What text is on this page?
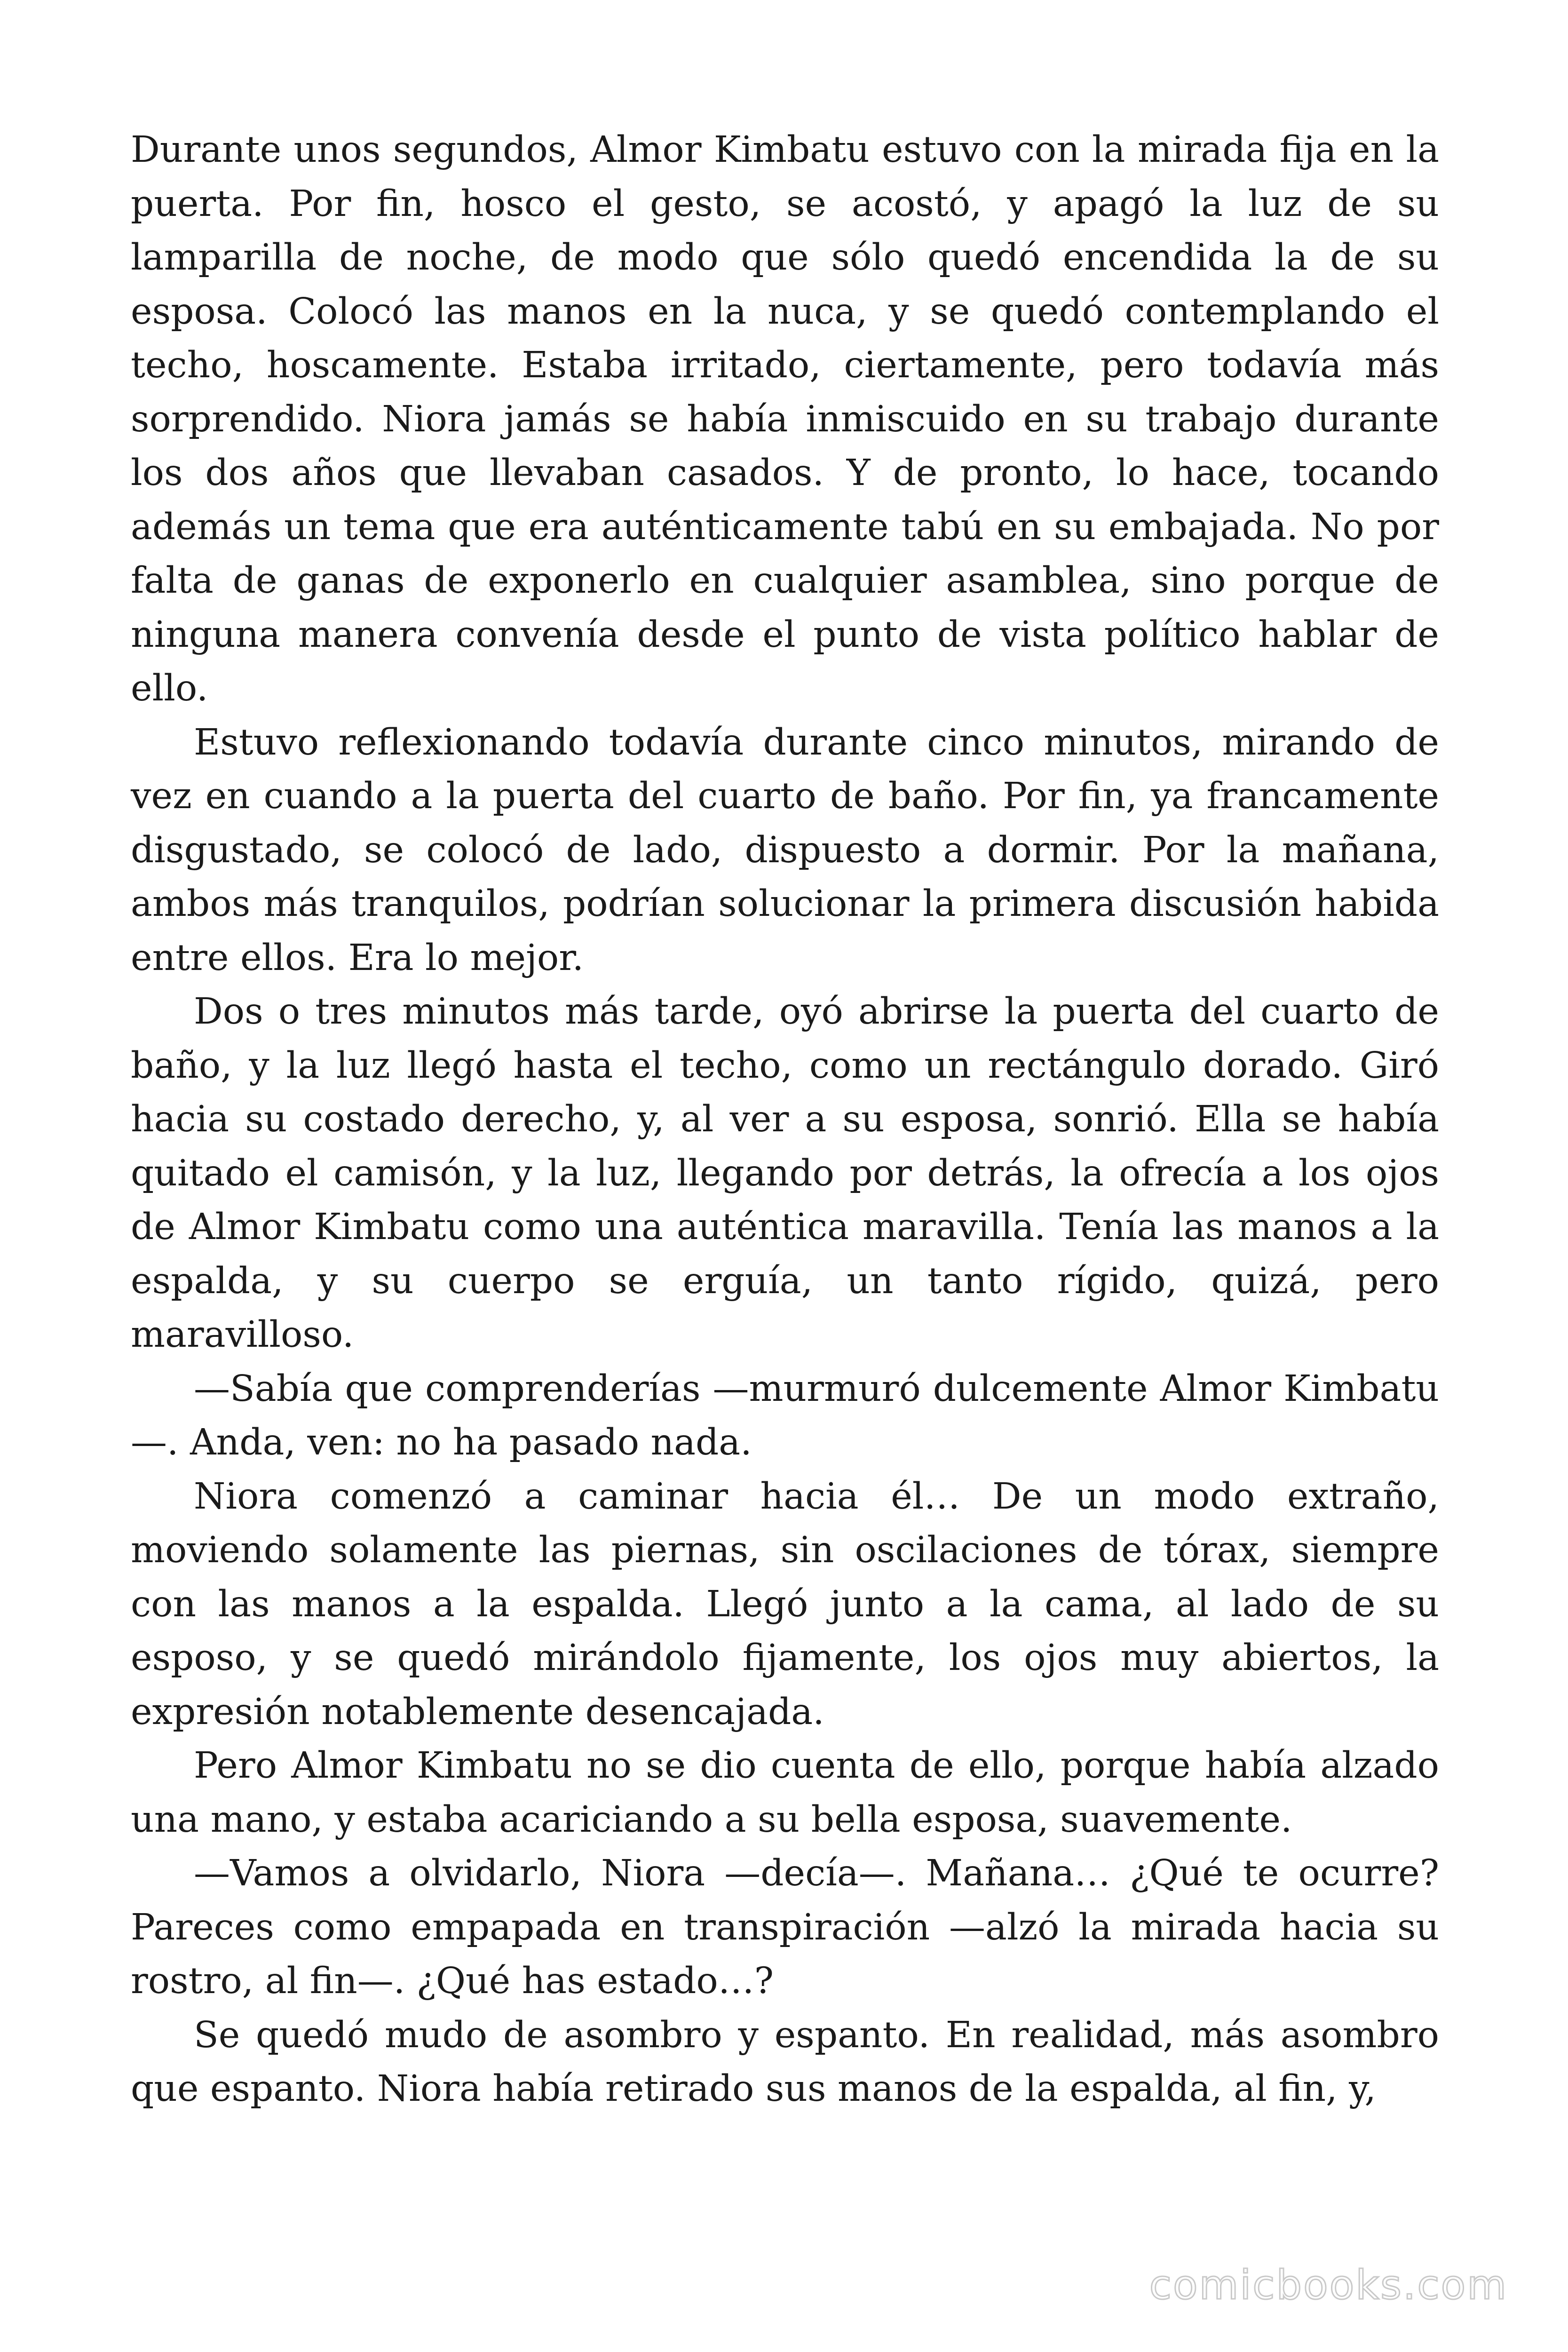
Durante unos segundos, Almor Kimbatu estuvo con la mirada fija en la puerta. Por fin, hosco el gesto, se acostó, y apagó la luz de su lamparilla de noche, de modo que sólo quedó encendida la de su esposa. Colocó las manos en la nuca, y se quedó contemplando el techo, hoscamente. Estaba irritado, ciertamente, pero todavía más sorprendido. Niora jamás se había inmiscuido en su trabajo durante los dos años que llevaban casados. Y de pronto, lo hace, tocando además un tema que era auténticamente tabú en su embajada. No por falta de ganas de exponerlo en cualquier asamblea, sino porque de ninguna manera convenía desde el punto de vista político hablar de ello.

Estuvo reflexionando todavía durante cinco minutos, mirando de vez en cuando a la puerta del cuarto de baño. Por fin, ya francamente disgustado, se colocó de lado, dispuesto a dormir. Por la mañana, ambos más tranquilos, podrían solucionar la primera discusión habida entre ellos. Era lo mejor.

Dos o tres minutos más tarde, oyó abrirse la puerta del cuarto de baño, y la luz llegó hasta el techo, como un rectángulo dorado. Giró hacia su costado derecho, y, al ver a su esposa, sonrió. Ella se había quitado el camisón, y la luz, llegando por detrás, la ofrecía a los ojos de Almor Kimbatu como una auténtica maravilla. Tenía las manos a la espalda, y su cuerpo se erguía, un tanto rígido, quizá, pero maravilloso.

—Sabía que comprenderías —murmuró dulcemente Almor Kimbatu—. Anda, ven: no ha pasado nada.

Niora comenzó a caminar hacia él… De un modo extraño, moviendo solamente las piernas, sin oscilaciones de tórax, siempre con las manos a la espalda. Llegó junto a la cama, al lado de su esposo, y se quedó mirándolo fijamente, los ojos muy abiertos, la expresión notablemente desencajada.

Pero Almor Kimbatu no se dio cuenta de ello, porque había alzado una mano, y estaba acariciando a su bella esposa, suavemente.

—Vamos a olvidarlo, Niora —decía—. Mañana… ¿Qué te ocurre? Pareces como empapada en transpiración —alzó la mirada hacia su rostro, al fin—. ¿Qué has estado…?

Se quedó mudo de asombro y espanto. En realidad, más asombro que espanto. Niora había retirado sus manos de la espalda, al fin, y,

comicbooks.com
